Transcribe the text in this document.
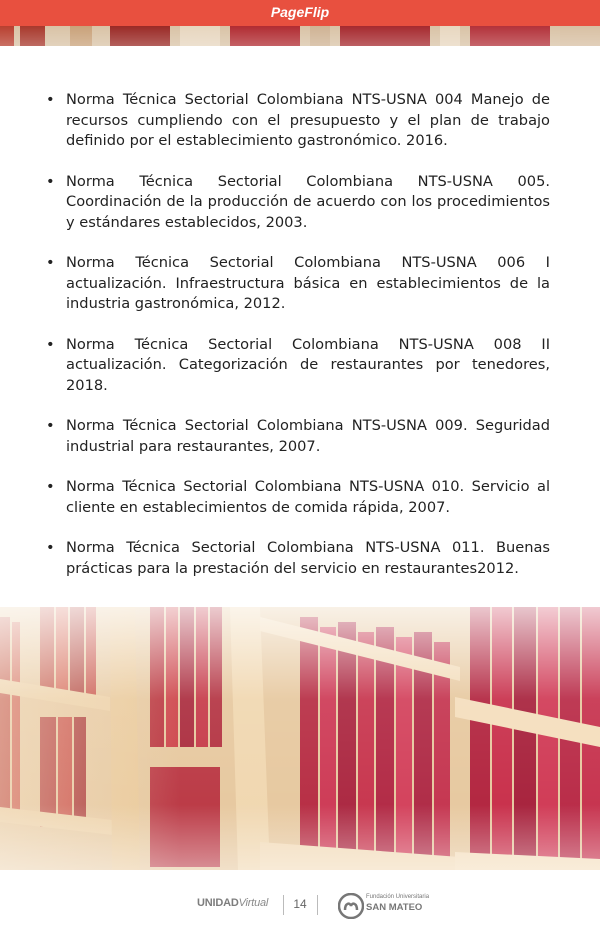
PageFlip
• Norma Técnica Sectorial Colombiana NTS-USNA 004 Manejo de recursos cumpliendo con el presupuesto y el plan de trabajo definido por el establecimiento gastronómico. 2016.
• Norma Técnica Sectorial Colombiana NTS-USNA 005. Coordinación de la producción de acuerdo con los procedimientos y estándares establecidos, 2003.
• Norma Técnica Sectorial Colombiana NTS-USNA 006 I actualización. Infraestructura básica en establecimientos de la industria gastronómica, 2012.
• Norma Técnica Sectorial Colombiana NTS-USNA 008 II actualización. Categorización de restaurantes por tenedores, 2018.
• Norma Técnica Sectorial Colombiana NTS-USNA 009. Seguridad industrial para restaurantes, 2007.
• Norma Técnica Sectorial Colombiana NTS-USNA 010. Servicio al cliente en establecimientos de comida rápida, 2007.
• Norma Técnica Sectorial Colombiana NTS-USNA 011. Buenas prácticas para la prestación del servicio en restaurantes2012.
UNIDADVirtual	14	Fundación Universitaria
SAN MATEO
